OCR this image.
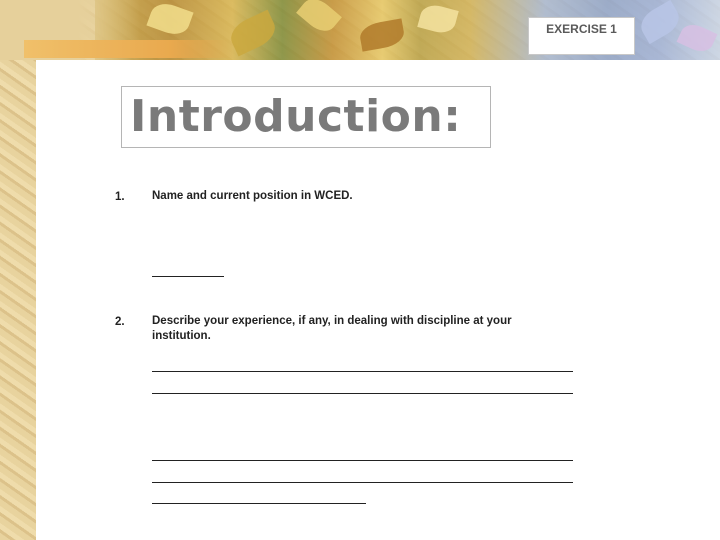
EXERCISE 1
Introduction:
1. Name and current position in WCED.
2. Describe your experience, if any, in dealing with discipline at your institution.
